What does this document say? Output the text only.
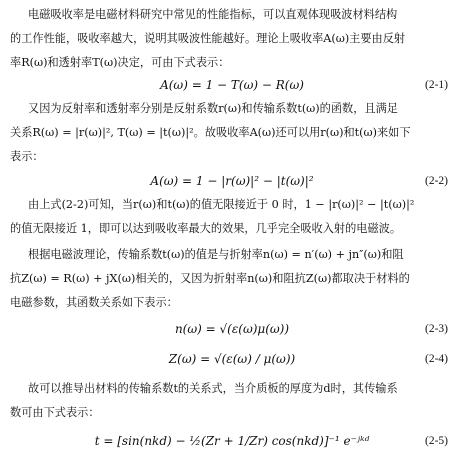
电磁吸收率是电磁材料研究中常见的性能指标，可以直观体现吸波材料结构
的工作性能，吸收率越大，说明其吸波性能越好。理论上吸收率A(ω)主要由反射
率R(ω)和透射率T(ω)决定，可由下式表示：
A(ω) = 1 − T(ω) − R(ω)	(2-1)
又因为反射率和透射率分别是反射系数r(ω)和传输系数t(ω)的函数，且满足
关系R(ω) = |r(ω)|², T(ω) = |t(ω)|²。故吸收率A(ω)还可以用r(ω)和t(ω)来如下
表示：
A(ω) = 1 − |r(ω)|² − |t(ω)|²	(2-2)
由上式(2-2)可知，当r(ω)和t(ω)的值无限接近于 0 时，1 − |r(ω)|² − |t(ω)|²
的值无限接近 1，即可以达到吸收率最大的效果，几乎完全吸收入射的电磁波。
根据电磁波理论，传输系数t(ω)的值是与折射率n(ω) = n′(ω) + jn″(ω)和阻
抗Z(ω) = R(ω) + jX(ω)相关的，又因为折射率n(ω)和阻抗Z(ω)都取决于材料的
电磁参数，其函数关系如下表示：
n(ω) = √(ε(ω)μ(ω))	(2-3)
Z(ω) = √(ε(ω) / μ(ω))	(2-4)
故可以推导出材料的传输系数t的关系式，当介质板的厚度为d时，其传输系
数可由下式表示：
t = [sin(nkd) − ½(Zr + 1/Zr) cos(nkd)]⁻¹ e⁻ʲᵏᵈ	(2-5)
